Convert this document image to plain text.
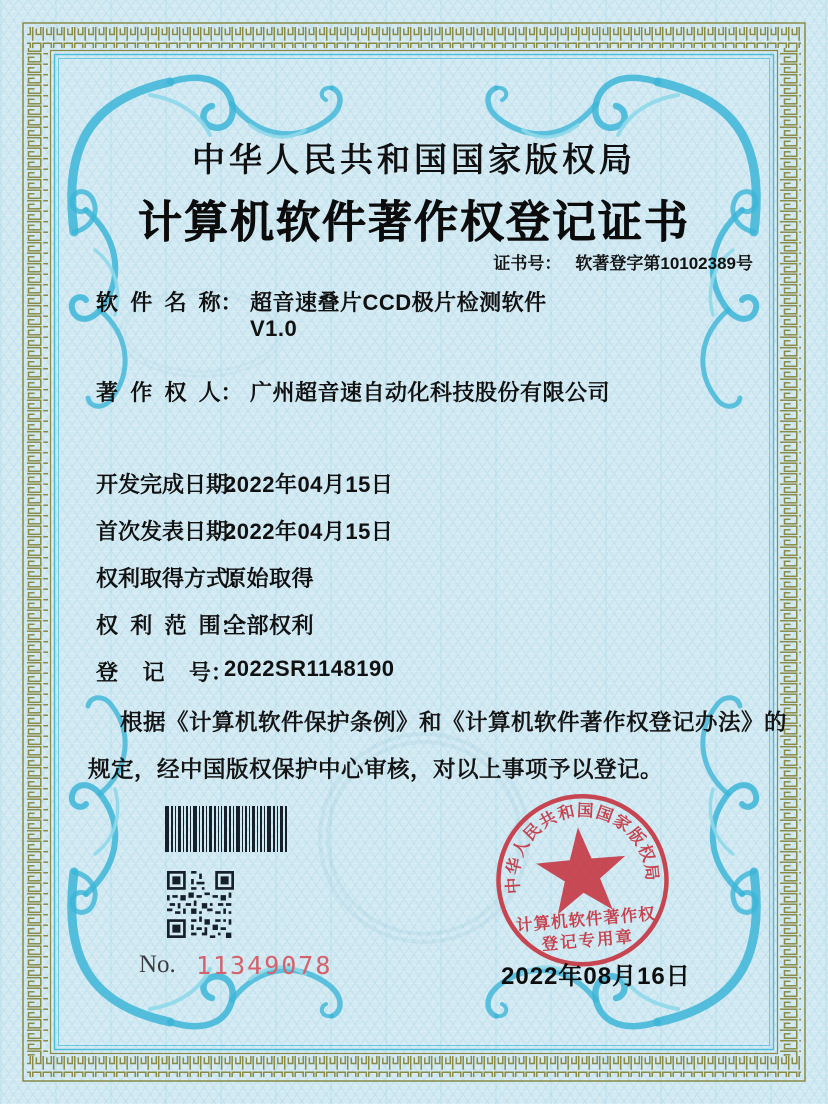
中华人民共和国国家版权局
计算机软件著作权登记证书
证书号： 软著登字第10102389号
软  件  名  称： 超音速叠片CCD极片检测软件
V1.0
著  作  权  人： 广州超音速自动化科技股份有限公司
开发完成日期：
2022年04月15日
首次发表日期：
2022年04月15日
权利取得方式：
原始取得
权  利  范  围：
全部权利
登    记    号：
2022SR1148190
根据《计算机软件保护条例》和《计算机软件著作权登记办法》的
规定，经中国版权保护中心审核，对以上事项予以登记。
No. 11349078
中华人民共和国国家版权局
计算机软件著作权
登记专用章
2022年08月16日
